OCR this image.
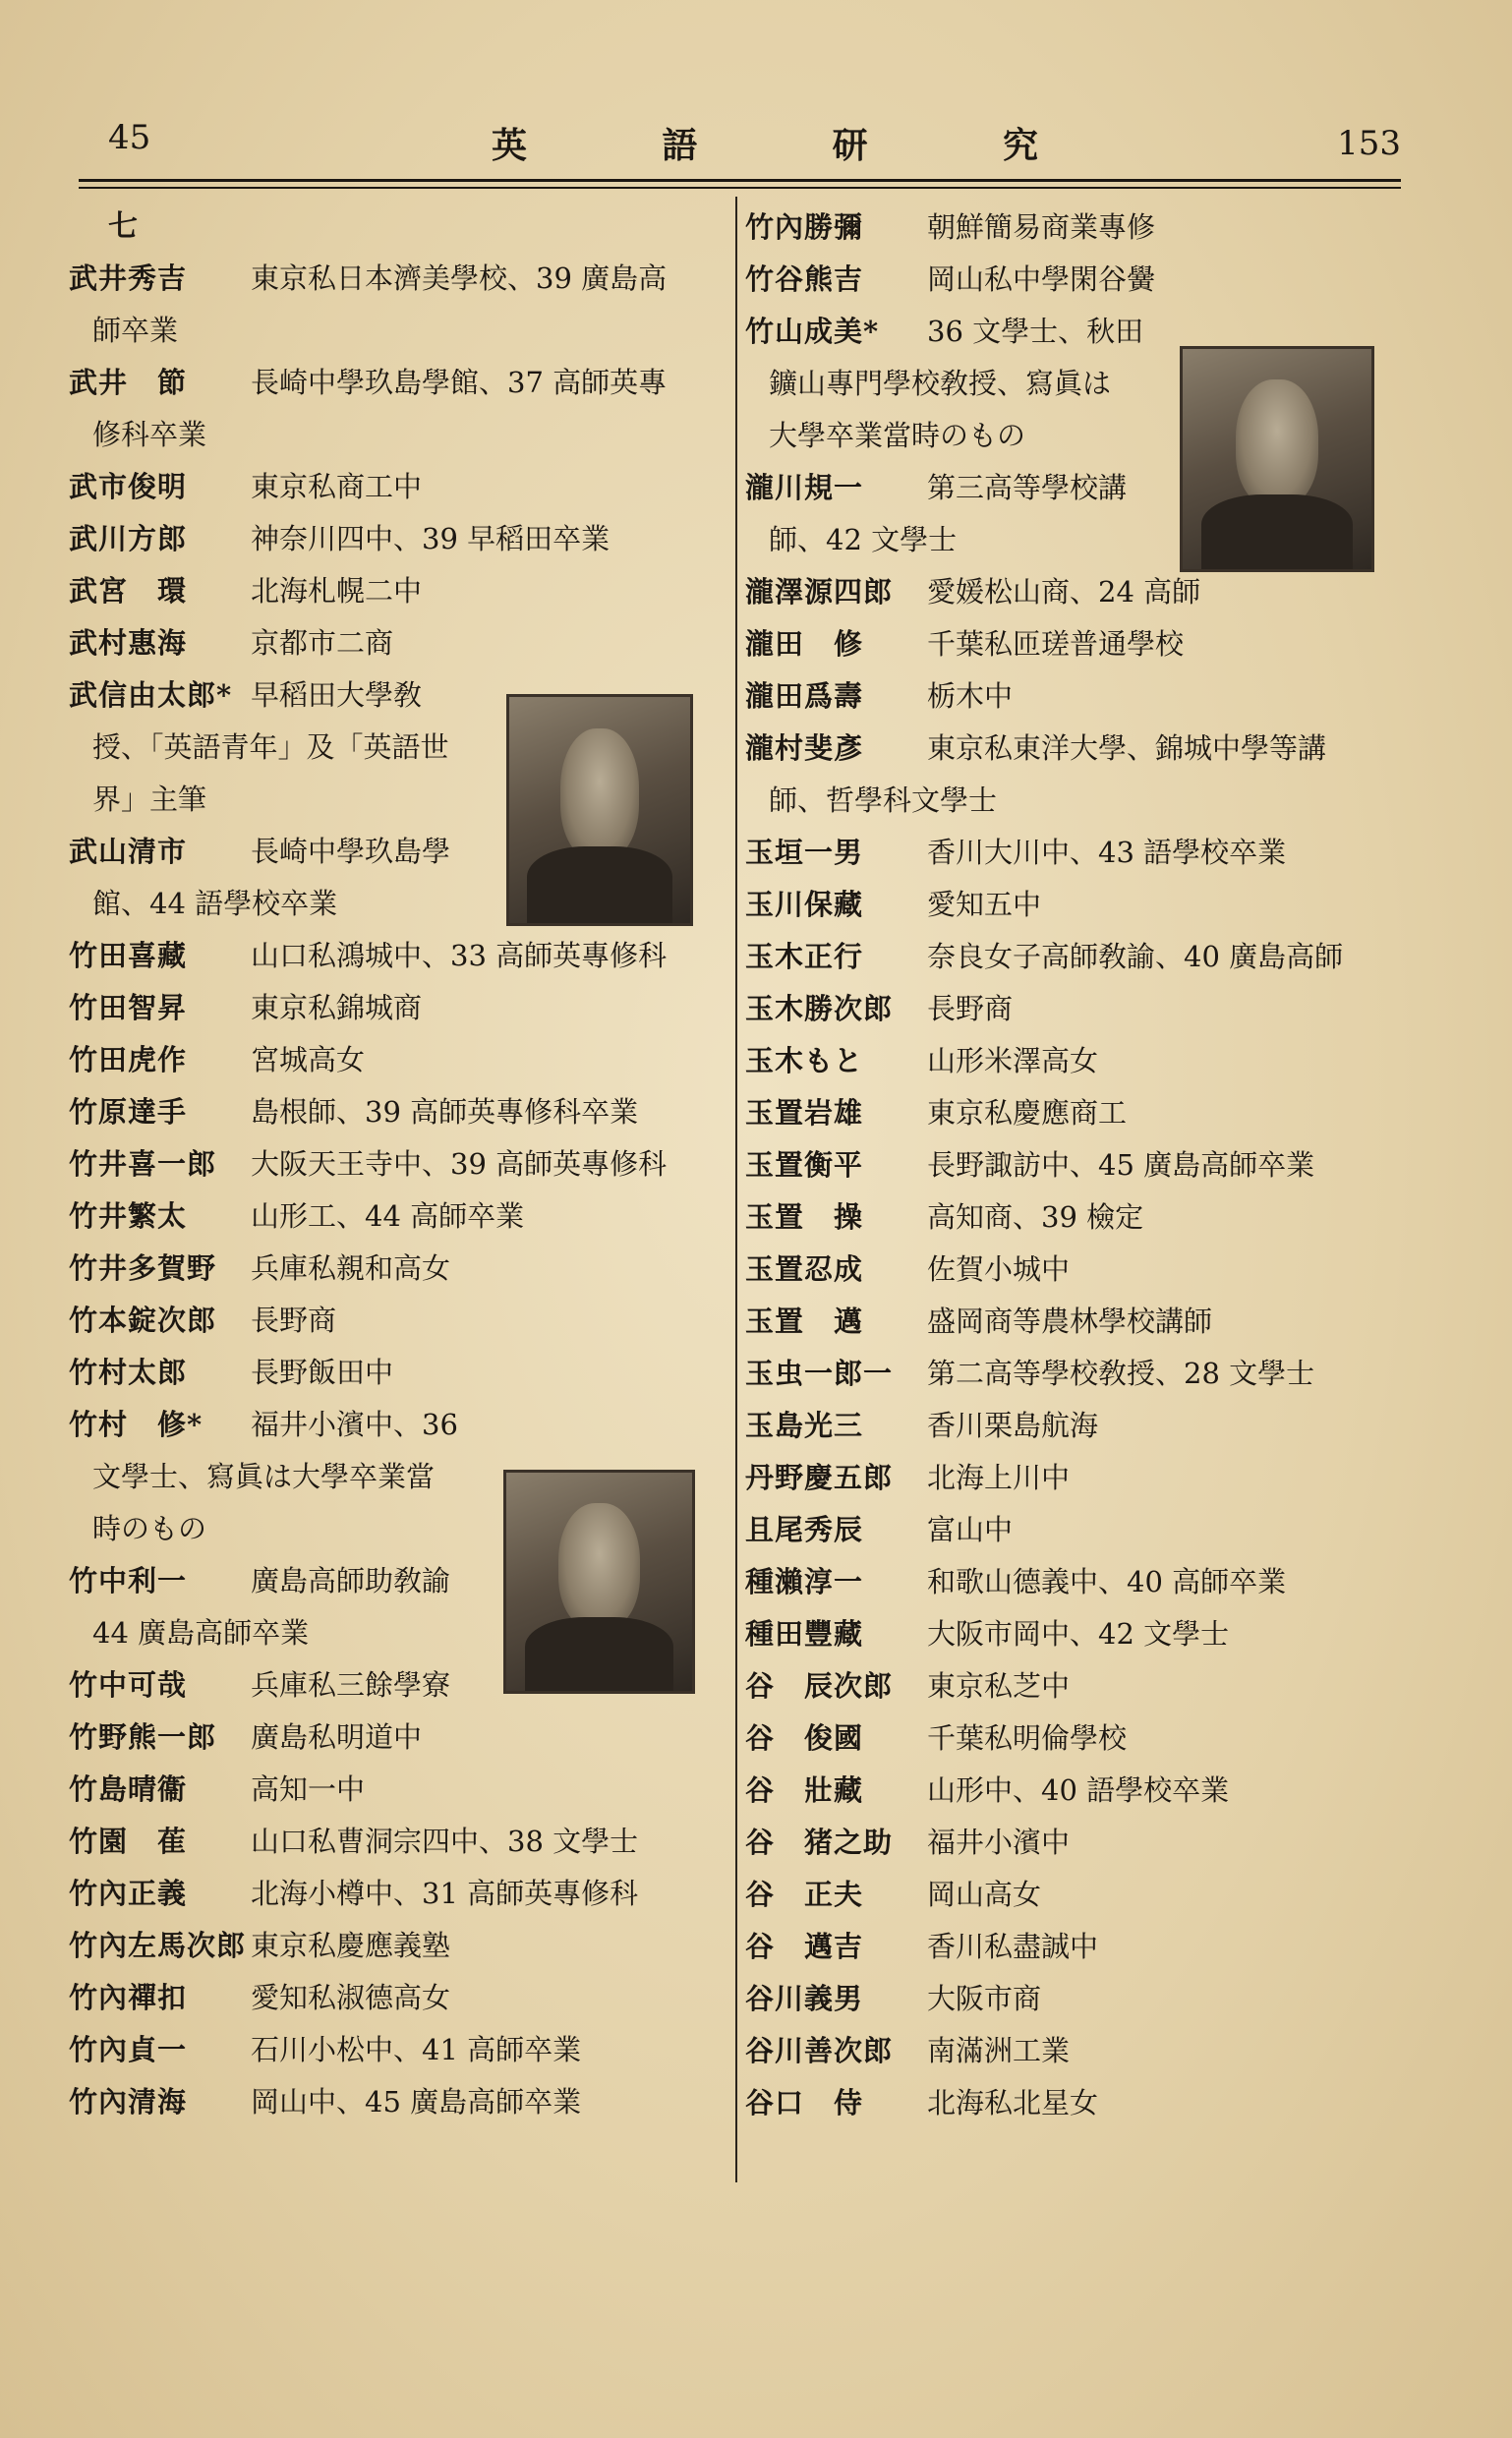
45	英	語	研	究	153
七
武井秀吉	東京私日本濟美學校、39 廣島高
師卒業
武井　節	長崎中學玖島學館、37 高師英專
修科卒業
武市俊明	東京私商工中
武川方郎	神奈川四中、39 早稻田卒業
武宮　環	北海札幌二中
武村惠海	京都市二商
武信由太郎* 早稻田大學敎
授、「英語青年」及「英語世
界」主筆
武山清市	長崎中學玖島學
館、44 語學校卒業
竹田喜藏	山口私鴻城中、33 高師英專修科
竹田智昇	東京私錦城商
竹田虎作	宮城高女
竹原達手	島根師、39 高師英專修科卒業
竹井喜一郎	大阪天王寺中、39 高師英專修科
竹井繁太	山形工、44 高師卒業
竹井多賀野	兵庫私親和高女
竹本錠次郎	長野商
竹村太郎	長野飯田中
竹村　修*	福井小濱中、36
文學士、寫眞は大學卒業當
時のもの
竹中利一	廣島高師助敎諭
44 廣島高師卒業
竹中可哉	兵庫私三餘學寮
竹野熊一郎	廣島私明道中
竹島晴衞	高知一中
竹園　萑	山口私曹洞宗四中、38 文學士
竹內正義	北海小樽中、31 高師英專修科
竹內左馬次郎 東京私慶應義塾
竹內禪扣	愛知私淑德高女
竹內貞一	石川小松中、41 高師卒業
竹內清海	岡山中、45 廣島高師卒業
竹內勝彌	朝鮮簡易商業專修
竹谷熊吉	岡山私中學閑谷黌
竹山成美*	36 文學士、秋田
鑛山專門學校敎授、寫眞は
大學卒業當時のもの
瀧川規一	第三高等學校講
師、42 文學士
瀧澤源四郎	愛媛松山商、24 高師
瀧田　修	千葉私匝瑳普通學校
瀧田爲壽	栃木中
瀧村斐彥	東京私東洋大學、錦城中學等講
師、哲學科文學士
玉垣一男	香川大川中、43 語學校卒業
玉川保藏	愛知五中
玉木正行	奈良女子高師敎諭、40 廣島高師
玉木勝次郎	長野商
玉木もと	山形米澤高女
玉置岩雄	東京私慶應商工
玉置衡平	長野諏訪中、45 廣島高師卒業
玉置　操	高知商、39 檢定
玉置忍成	佐賀小城中
玉置　邁	盛岡商等農林學校講師
玉虫一郎一	第二高等學校敎授、28 文學士
玉島光三	香川栗島航海
丹野慶五郎	北海上川中
且尾秀辰	富山中
種瀨淳一	和歌山德義中、40 高師卒業
種田豐藏	大阪市岡中、42 文學士
谷　辰次郎	東京私芝中
谷　俊國	千葉私明倫學校
谷　壯藏	山形中、40 語學校卒業
谷　猪之助	福井小濱中
谷　正夫	岡山高女
谷　邁吉	香川私盡誠中
谷川義男	大阪市商
谷川善次郎	南滿洲工業
谷口　侍	北海私北星女
